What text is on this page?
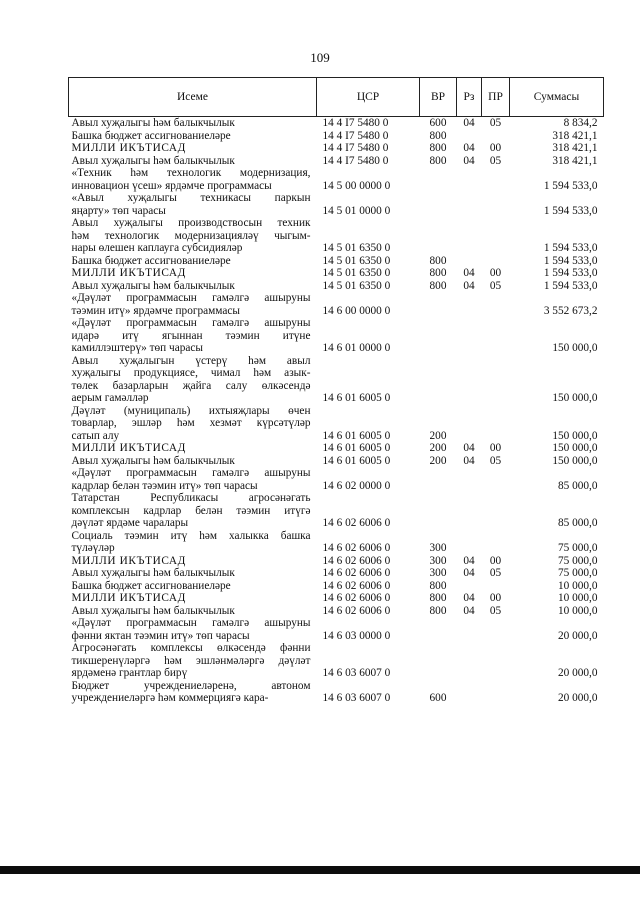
109
Исеме	ЦСР	ВР	Рз	ПР	Суммасы

Авыл хуҗалыгы һәм балыкчылык	14 4 I7 5480 0	600	04	05	8 834,2

Башка бюджет ассигнованиеләре	14 4 I7 5480 0	800			318 421,1

МИЛЛИ ИКЪТИСАД	14 4 I7 5480 0	800	04	00	318 421,1

Авыл хуҗалыгы һәм балыкчылык	14 4 I7 5480 0	800	04	05	318 421,1

«Техник һәм технологик модернизация,
инновацион үсеш» ярдәмче программасы	14 5 00 0000 0				1 594 533,0

«Авыл хуҗалыгы техникасы паркын
яңарту» төп чарасы	14 5 01 0000 0				1 594 533,0

Авыл хуҗалыгы производствосын техник
һәм технологик модернизацияләү чыгым-
нары өлешен каплауга субсидияләр	14 5 01 6350 0				1 594 533,0

Башка бюджет ассигнованиеләре	14 5 01 6350 0	800			1 594 533,0

МИЛЛИ ИКЪТИСАД	14 5 01 6350 0	800	04	00	1 594 533,0

Авыл хуҗалыгы һәм балыкчылык	14 5 01 6350 0	800	04	05	1 594 533,0

«Дәүләт программасын гамәлгә ашыруны
тәэмин итү» ярдәмче программасы	14 6 00 0000 0				3 552 673,2

«Дәүләт программасын гамәлгә ашыруны
идарә итү ягыннан тәэмин итүне
камиллэштерү» төп чарасы	14 6 01 0000 0				150 000,0

Авыл хуҗалыгын үстерү һәм авыл
хуҗалыгы продукциясе, чимал һәм азык-
төлек базарларын җайга салу өлкәсендә
аерым гамәлләр	14 6 01 6005 0				150 000,0

Дәүләт (муниципаль) ихтыяҗлары өчен
товарлар, эшләр һәм хезмәт күрсәтүләр
сатып алу	14 6 01 6005 0	200			150 000,0

МИЛЛИ ИКЪТИСАД	14 6 01 6005 0	200	04	00	150 000,0

Авыл хуҗалыгы һәм балыкчылык	14 6 01 6005 0	200	04	05	150 000,0

«Дәүләт программасын гамәлгә ашыруны
кадрлар белән тәэмин итү» төп чарасы	14 6 02 0000 0				85 000,0

Татарстан Республикасы агросәнәгать
комплексын кадрлар белән тәэмин итүгә
дәүләт ярдәме чаралары	14 6 02 6006 0				85 000,0

Социаль тәэмин итү һәм халыкка башка
түләүләр	14 6 02 6006 0	300			75 000,0

МИЛЛИ ИКЪТИСАД	14 6 02 6006 0	300	04	00	75 000,0

Авыл хуҗалыгы һәм балыкчылык	14 6 02 6006 0	300	04	05	75 000,0

Башка бюджет ассигнованиеләре	14 6 02 6006 0	800			10 000,0

МИЛЛИ ИКЪТИСАД	14 6 02 6006 0	800	04	00	10 000,0

Авыл хуҗалыгы һәм балыкчылык	14 6 02 6006 0	800	04	05	10 000,0

«Дәүләт программасын гамәлгә ашыруны
фәнни яктан тәэмин итү» төп чарасы	14 6 03 0000 0				20 000,0

Агросәнәгать комплексы өлкәсендә фәнни
тикшеренүләргә һәм эшләнмәләргә дәүләт
ярдәменә грантлар бирү	14 6 03 6007 0				20 000,0

Бюджет учреждениеләренә, автоном
учреждениеләргә һәм коммерциягә кара-	14 6 03 6007 0	600			20 000,0
